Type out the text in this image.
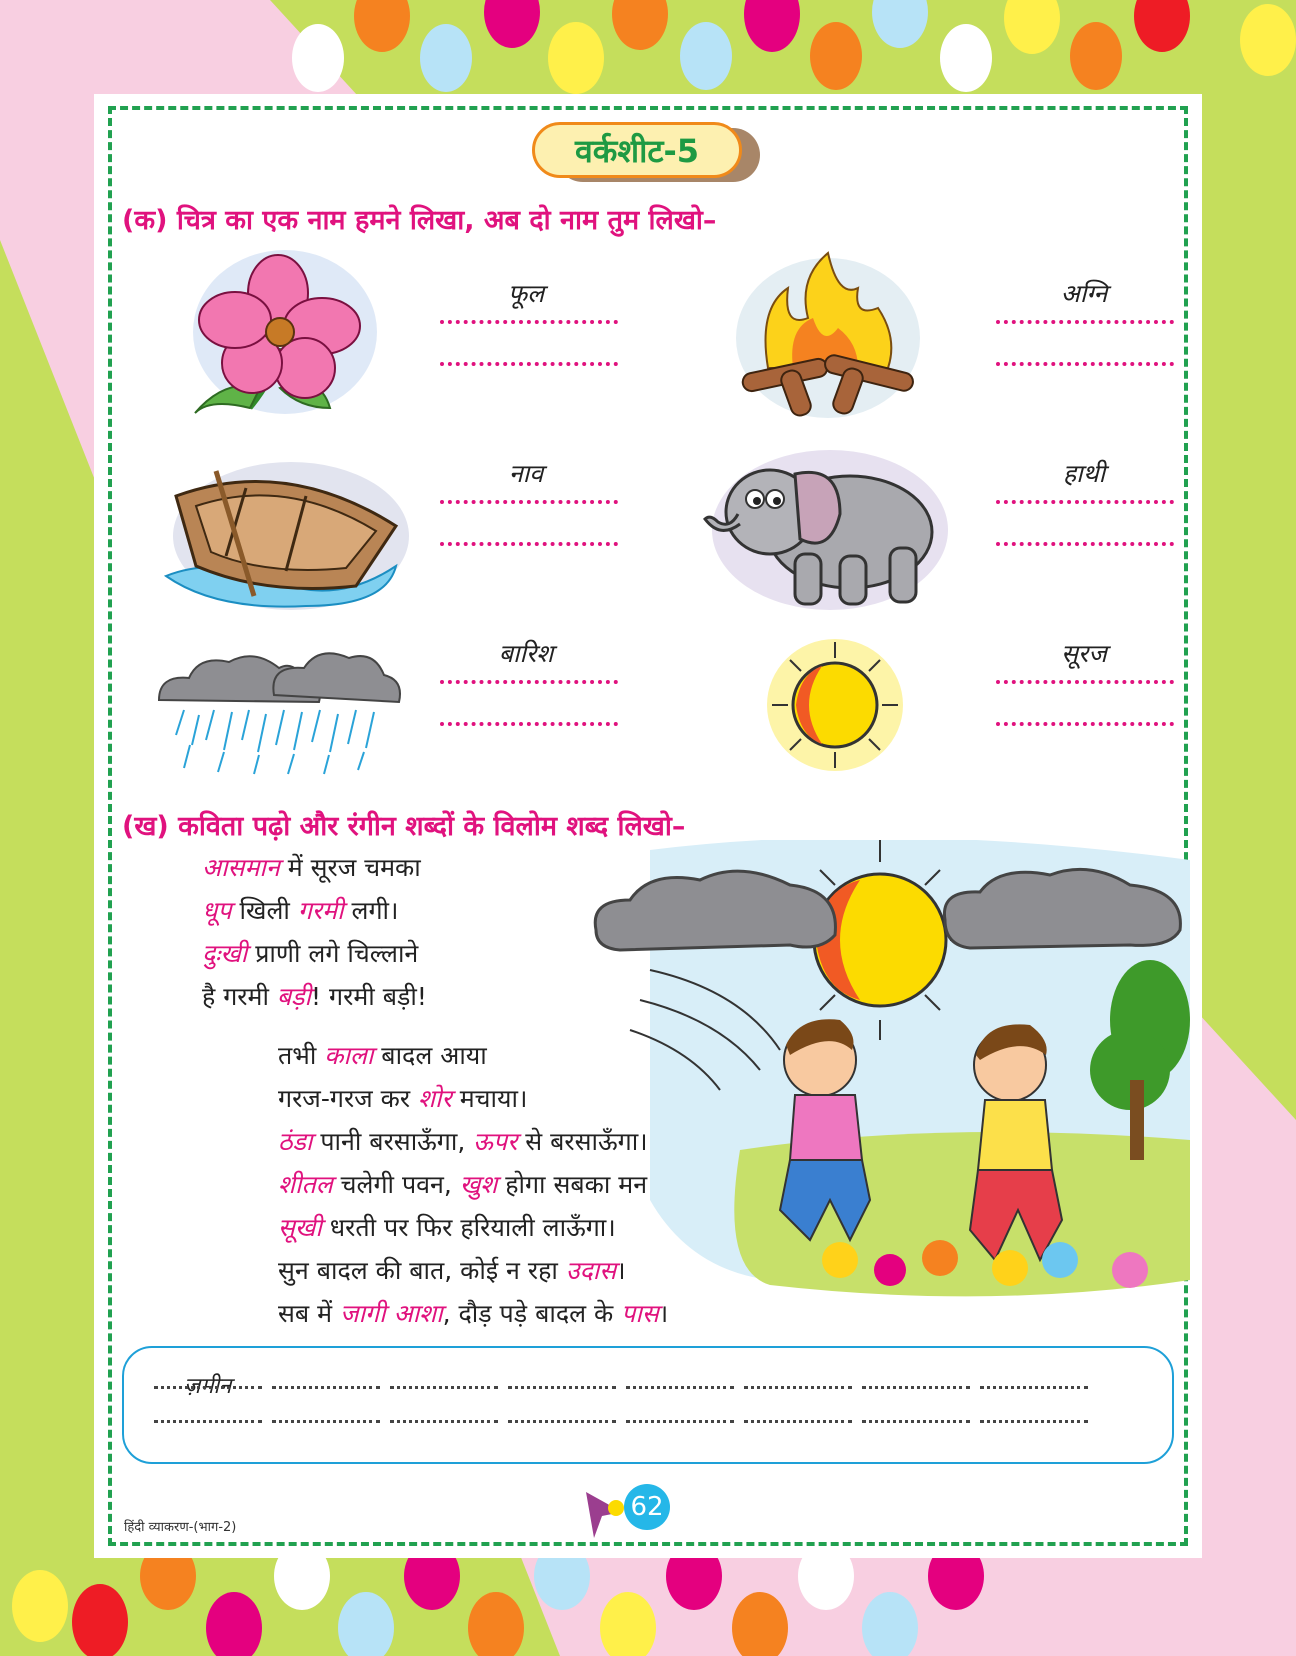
वर्कशीट-5
(क) चित्र का एक नाम हमने लिखा, अब दो नाम तुम लिखो–
फूल	अग्नि
नाव	हाथी
बारिश	सूरज
(ख) कविता पढ़ो और रंगीन शब्दों के विलोम शब्द लिखो–
आसमान में सूरज चमका
धूप खिली गरमी लगी।
दुःखी प्राणी लगे चिल्लाने
है गरमी बड़ी! गरमी बड़ी!
तभी काला बादल आया
गरज-गरज कर शोर मचाया।
ठंडा पानी बरसाऊँगा, ऊपर से बरसाऊँगा।
शीतल चलेगी पवन, खुश होगा सबका मन
सूखी धरती पर फिर हरियाली लाऊँगा।
सुन बादल की बात, कोई न रहा उदास।
सब में जागी आशा, दौड़ पड़े बादल के पास।
ज़मीन
हिंदी व्याकरण-(भाग-2)
62
